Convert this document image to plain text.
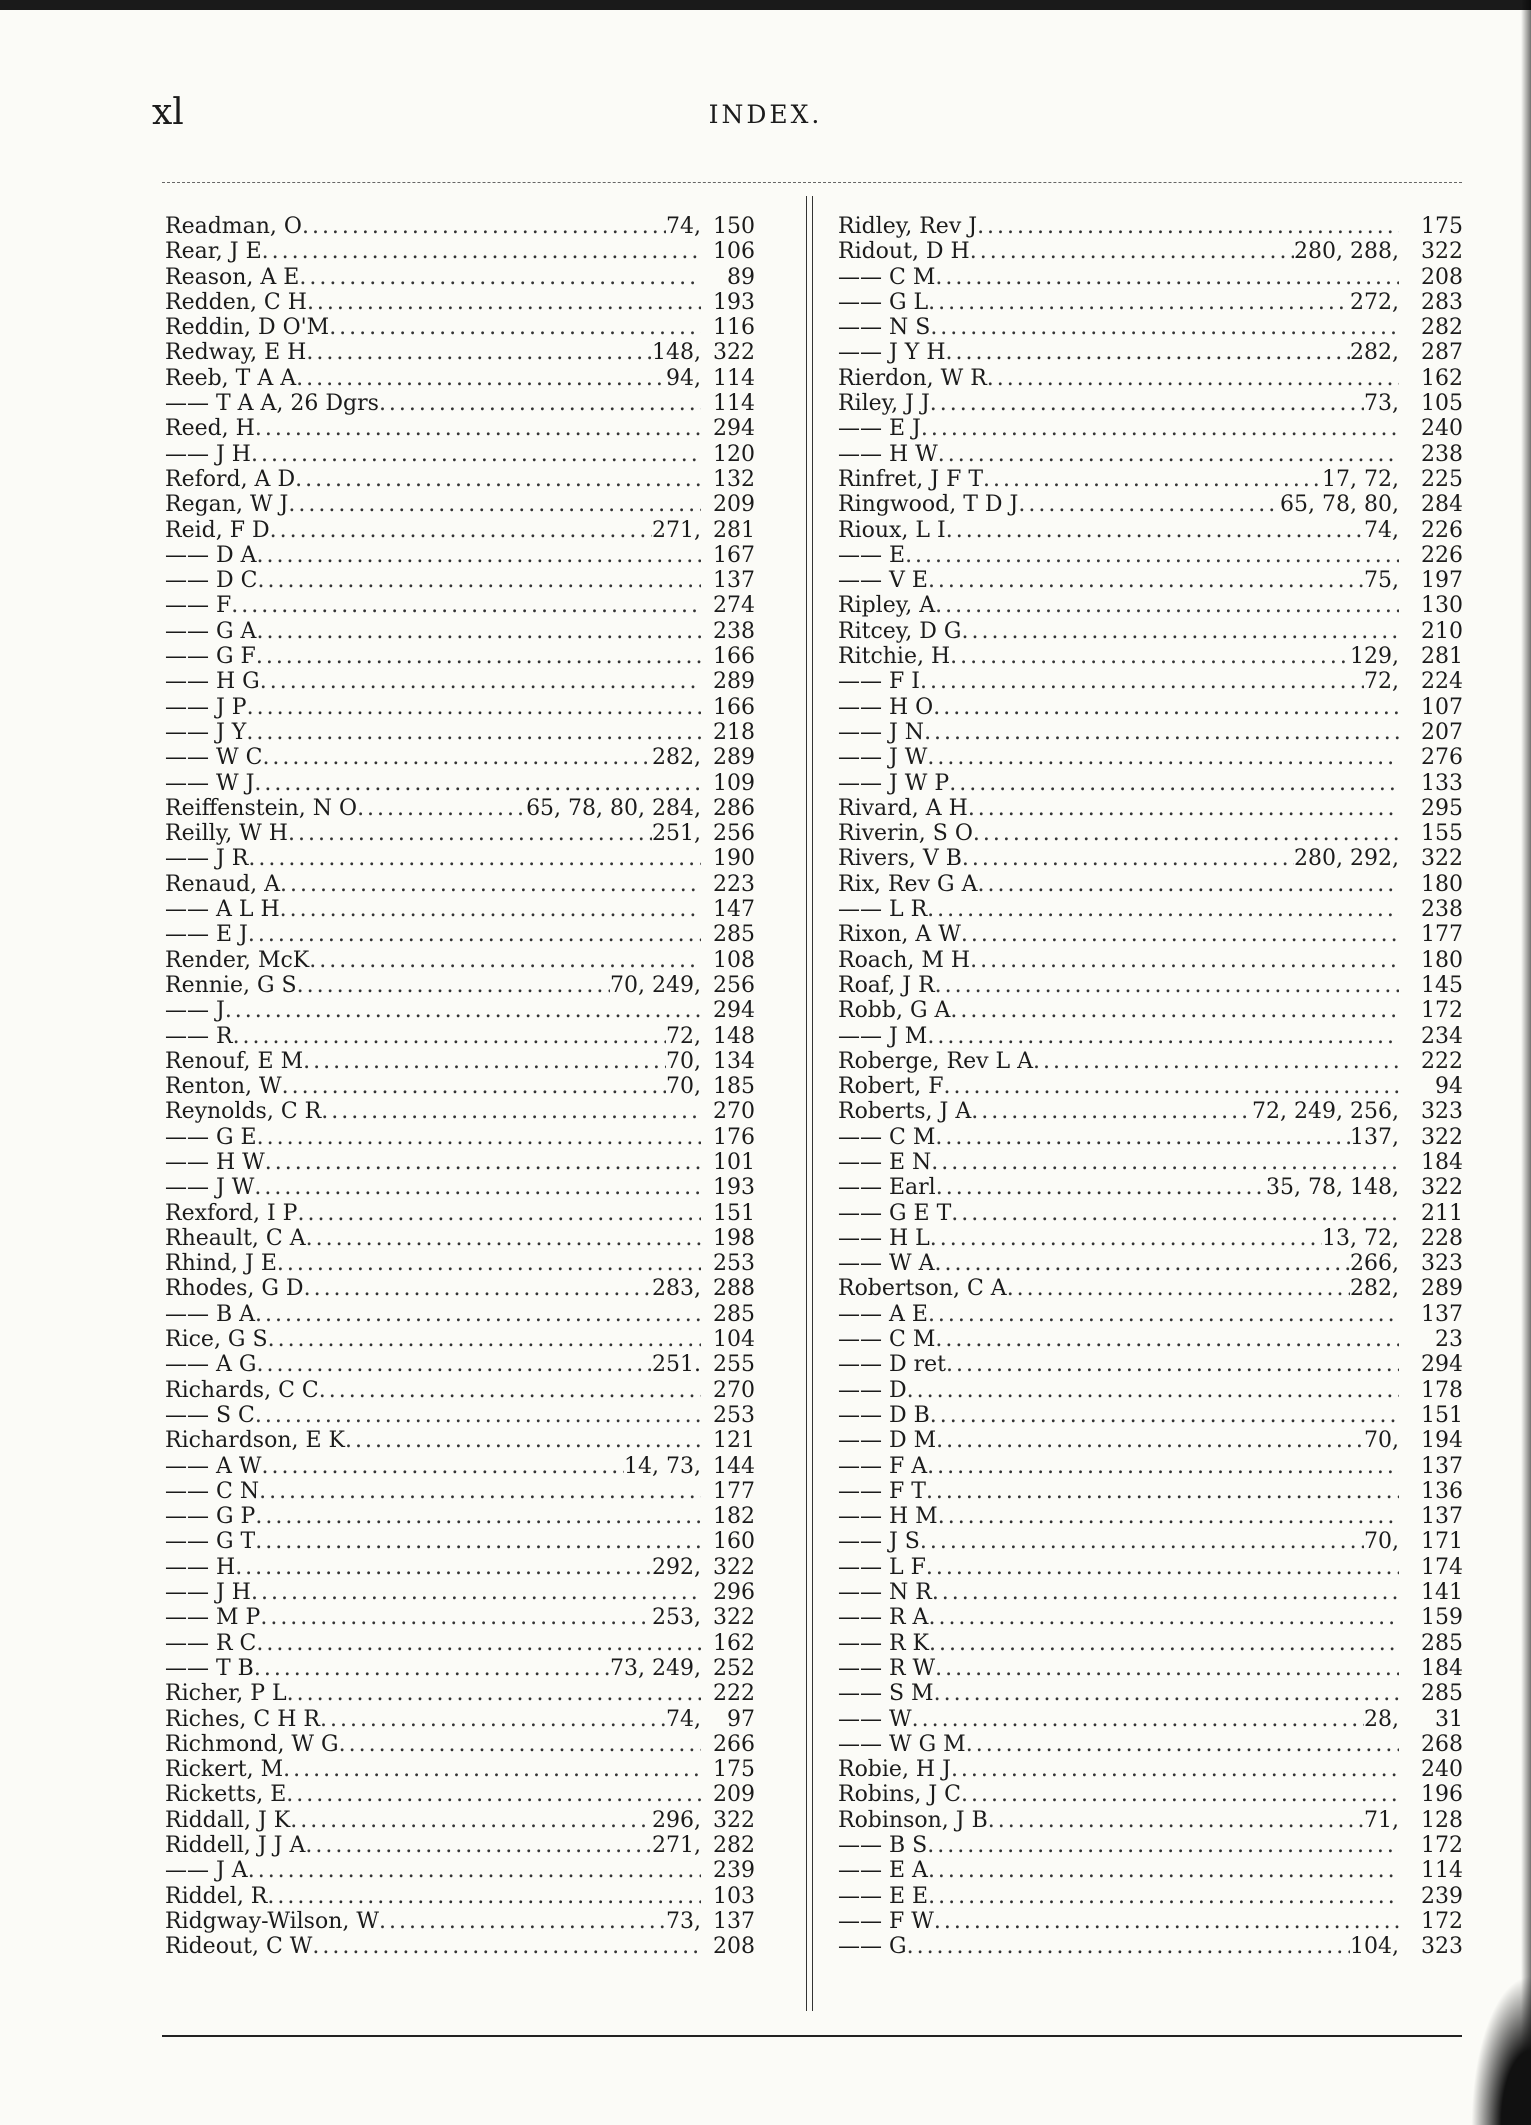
xl	INDEX.
Readman, O .....	74, 150
Rear, J E .....	106
Reason, A E .....	89
Redden, C H .....	193
Reddin, D O'M .....	116
Redway, E H .....	148, 322
Reeb, T A A .....	94, 114
—— T A A, 26 Dgrs .....	114
Reed, H .....	294
—— J H .....	120
Reford, A D .....	132
Regan, W J .....	209
Reid, F D .....	271, 281
—— D A .....	167
—— D C .....	137
—— F .....	274
—— G A .....	238
—— G F .....	166
—— H G .....	289
—— J P .....	166
—— J Y .....	218
—— W C .....	282, 289
—— W J .....	109
Reiffenstein, N O .....	65, 78, 80, 284, 286
Reilly, W H .....	251, 256
—— J R .....	190
Renaud, A .....	223
—— A L H .....	147
—— E J .....	285
Render, McK .....	108
Rennie, G S .....	70, 249, 256
—— J .....	294
—— R .....	72, 148
Renouf, E M .....	70, 134
Renton, W .....	70, 185
Reynolds, C R .....	270
—— G E .....	176
—— H W .....	101
—— J W .....	193
Rexford, I P .....	151
Rheault, C A .....	198
Rhind, J E .....	253
Rhodes, G D .....	283, 288
—— B A .....	285
Rice, G S .....	104
—— A G .....	251. 255
Richards, C C .....	270
—— S C .....	253
Richardson, E K .....	121
—— A W .....	14, 73, 144
—— C N .....	177
—— G P .....	182
—— G T .....	160
—— H .....	292, 322
—— J H .....	296
—— M P .....	253, 322
—— R C .....	162
—— T B .....	73, 249, 252
Richer, P L .....	222
Riches, C H R .....	74,	97
Richmond, W G .....	266
Rickert, M .....	175
Ricketts, E .....	209
Riddall, J K .....	296, 322
Riddell, J J A .....	271, 282
—— J A .....	239
Riddel, R .....	103
Ridgway-Wilson, W .....	73, 137
Rideout, C W .....	208
Ridley, Rev J .....	175
Ridout, D H .....	280, 288,	322
—— C M .....	208
—— G L .....	272,	283
—— N S .....	282
—— J Y H .....	282,	287
Rierdon, W R .....	162
Riley, J J .....	73,	105
—— E J .....	240
—— H W .....	238
Rinfret, J F T .....	17, 72,	225
Ringwood, T D J .....	65, 78, 80,	284
Rioux, L I .....	74,	226
—— E .....	226
—— V E .....	75,	197
Ripley, A .....	130
Ritcey, D G .....	210
Ritchie, H .....	129,	281
—— F I .....	72,	224
—— H O .....	107
—— J N .....	207
—— J W .....	276
—— J W P .....	133
Rivard, A H .....	295
Riverin, S O .....	155
Rivers, V B .....	280, 292,	322
Rix, Rev G A .....	180
—— L R .....	238
Rixon, A W .....	177
Roach, M H .....	180
Roaf, J R .....	145
Robb, G A .....	172
—— J M .....	234
Roberge, Rev L A .....	222
Robert, F .....	94
Roberts, J A .....	72, 249, 256,	323
—— C M .....	137,	322
—— E N .....	184
—— Earl .....	35, 78, 148,	322
—— G E T .....	211
—— H L .....	13, 72,	228
—— W A .....	266,	323
Robertson, C A .....	282,	289
—— A E .....	137
—— C M .....	23
—— D ret .....	294
—— D .....	178
—— D B .....	151
—— D M .....	70,	194
—— F A .....	137
—— F T .....	136
—— H M .....	137
—— J S .....	70,	171
—— L F .....	174
—— N R .....	141
—— R A .....	159
—— R K .....	285
—— R W .....	184
—— S M .....	285
—— W .....	28,	31
—— W G M .....	268
Robie, H J .....	240
Robins, J C .....	196
Robinson, J B .....	71,	128
—— B S .....	172
—— E A .....	114
—— E E .....	239
—— F W .....	172
—— G .....	104,	323
